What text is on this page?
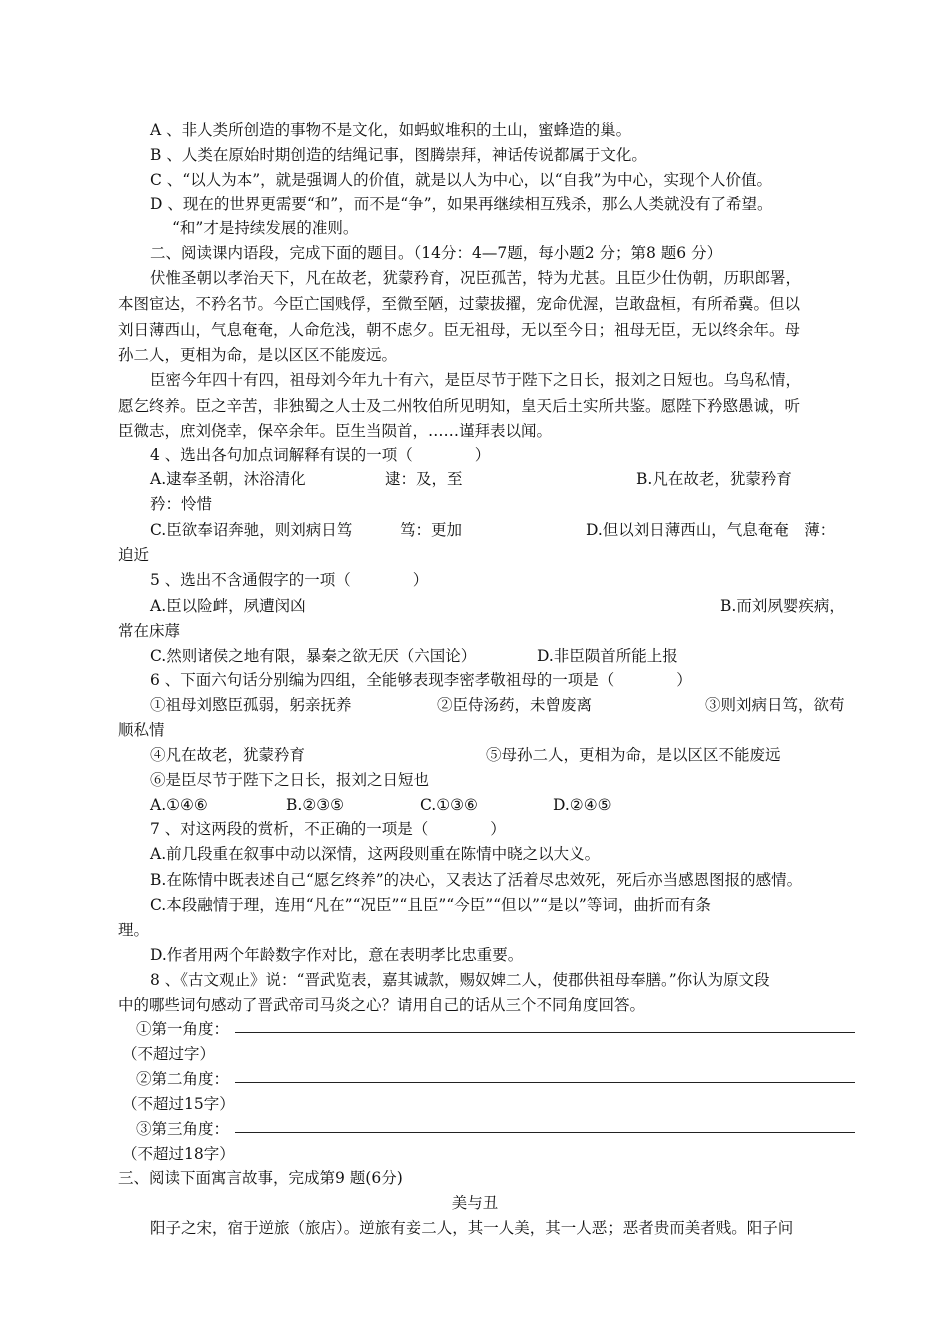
A 、非人类所创造的事物不是文化，如蚂蚁堆积的土山，蜜蜂造的巢。
B 、人类在原始时期创造的结绳记事，图腾崇拜，神话传说都属于文化。
C 、“以人为本”，就是强调人的价值，就是以人为中心，以“自我”为中心，实现个人价值。
D 、现在的世界更需要“和”，而不是“争”，如果再继续相互残杀，那么人类就没有了希望。
“和”才是持续发展的准则。
二、阅读课内语段，完成下面的题目。（14分：4—7题，每小题2 分；第8 题6 分）
伏惟圣朝以孝治天下，凡在故老，犹蒙矜育，况臣孤苦，特为尤甚。且臣少仕伪朝，历职郎署，
本图宦达，不矜名节。今臣亡国贱俘，至微至陋，过蒙拔擢，宠命优渥，岂敢盘桓，有所希冀。但以
刘日薄西山，气息奄奄，人命危浅，朝不虑夕。臣无祖母，无以至今日；祖母无臣，无以终余年。母
孙二人，更相为命，是以区区不能废远。
臣密今年四十有四，祖母刘今年九十有六，是臣尽节于陛下之日长，报刘之日短也。乌鸟私情，
愿乞终养。臣之辛苦，非独蜀之人士及二州牧伯所见明知，皇天后土实所共鉴。愿陛下矜愍愚诚，听
臣微志，庶刘侥幸，保卒余年。臣生当陨首，……谨拜表以闻。
4 、选出各句加点词解释有误的一项（　　　　）
A.逮奉圣朝，沐浴清化	逮：及，至	B.凡在故老，犹蒙矜育
矜：怜惜
C.臣欲奉诏奔驰，则刘病日笃	笃：更加	D.但以刘日薄西山，气息奄奄　薄：
迫近
5 、选出不含通假字的一项（　　　　）
A.臣以险衅，夙遭闵凶	B.而刘夙婴疾病，
常在床蓐
C.然则诸侯之地有限，暴秦之欲无厌（六国论）	D.非臣陨首所能上报
6 、下面六句话分别编为四组，全能够表现李密孝敬祖母的一项是（　　　　）
①祖母刘愍臣孤弱，躬亲抚养	②臣侍汤药，未曾废离	③则刘病日笃，欲苟
顺私情
④凡在故老，犹蒙矜育	⑤母孙二人，更相为命，是以区区不能废远
⑥是臣尽节于陛下之日长，报刘之日短也
A.①④⑥	B.②③⑤	C.①③⑥	D.②④⑤
7 、对这两段的赏析，不正确的一项是（　　　　）
A.前几段重在叙事中动以深情，这两段则重在陈情中晓之以大义。
B.在陈情中既表述自己“愿乞终养”的决心，又表达了活着尽忠效死，死后亦当感恩图报的感情。
C.本段融情于理，连用“凡在”“况臣”“且臣”“今臣”“但以”“是以”等词，曲折而有条
理。
D.作者用两个年龄数字作对比，意在表明孝比忠重要。
8 、《古文观止》说：“晋武览表，嘉其诚款，赐奴婢二人，使郡供祖母奉膳。”你认为原文段
中的哪些词句感动了晋武帝司马炎之心？请用自己的话从三个不同角度回答。
①第一角度：
（不超过字）
②第二角度：
（不超过15字）
③第三角度：
（不超过18字）
三、阅读下面寓言故事，完成第9 题(6分)
美与丑
阳子之宋，宿于逆旅（旅店）。逆旅有妾二人，其一人美，其一人恶；恶者贵而美者贱。阳子问
